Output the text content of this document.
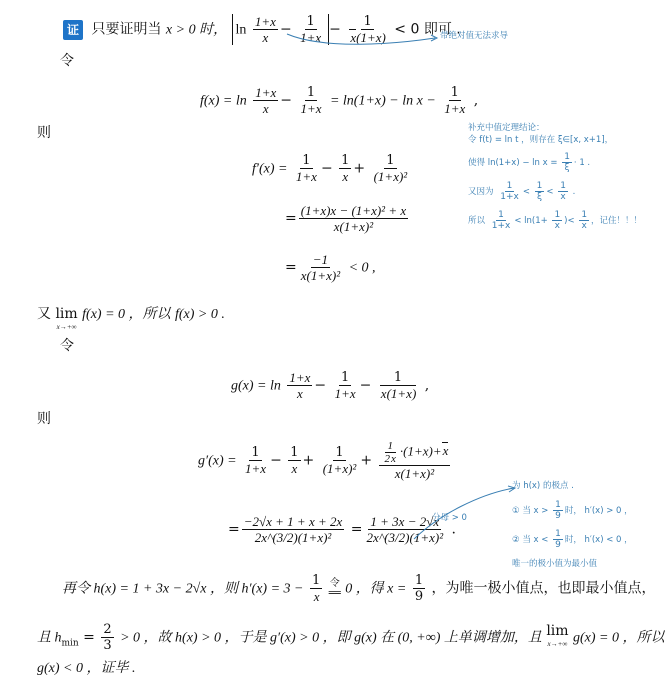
证 只要证明当 x > 0 时， $\ln \frac{1+x}{x} - \frac{1}{1+x} - \frac{1}{x(1+x)} < 0$ 即可 .
带绝对值无法求导
令
$f(x) = \ln \frac{1+x}{x} - \frac{1}{1+x} = \ln(1+x) - \ln x - \frac{1}{1+x}$ ,
则
$f'(x) = \frac{1}{1+x} - \frac{1}{x} + \frac{1}{\text{(1+x)²}}$
= $\frac{\text{(1+x)x − (1+x)² + x}}{\text{x(1+x)²}}$
= $\frac{-1}{\text{x(1+x)²}} < 0$ ,
补充中值定理结论：
令 f(t) = ln t ，则存在 ξ∈[x, x+1]，
使得 $\ln(1+x) - \ln x = \frac{1}{\xi} \cdot 1$ .
又因为 $\frac{1}{1+x} < \frac{1}{\xi} < \frac{1}{x}$ .
所以 $\frac{1}{1+x} < \ln(1+ \frac{1}{x}$ )< $\frac{1}{x}$ ，记住！！！
又 lim
x→+∞
f(x) = 0 ，所以 f(x) > 0 .
令
$g(x) = \ln \frac{1+x}{x} - \frac{1}{1+x} - \frac{1}{x(1+x)}$ ,
则
$g'(x) = \frac{1}{1+x} - \frac{1}{x} + \frac{1}{\text{(1+x)²}} + \frac{\frac{1}{2x} \cdot(1+x)+x}{\text{x(1+x)²}}$
= $\frac{-2√x + 1 + x + 2x}{\text{2x\textasciicircum{}(3/2)(1+x)²}} = \frac{1 + 3x - 2√x}{\text{2x\textasciicircum{}(3/2)(1+x)²}}$ .
分母 > 0
为 h(x) 的极点 .
① 当 $x > \frac{1}{9}$ 时， h′(x) > 0 ，
② 当 $x < \frac{1}{9}$ 时， h′(x) < 0 ，
唯一的极小值为最小值
再令 h(x) = 1 + 3x − 2√x ，则 $h'(x) = 3 - \frac{1}{x}$
令
══ 0 ，得 $x = \frac{1}{9}$ ，为唯一极小值点，也即最小值点，
且 $h_{min} = \frac{2}{3} > 0$ ，故 h(x) > 0 ，于是 g′(x) > 0 ，即 g(x) 在 (0, +∞) 上单调增加，且 lim
x→+∞ g(x) = 0 ，所以
g(x) < 0 ，证毕 .
